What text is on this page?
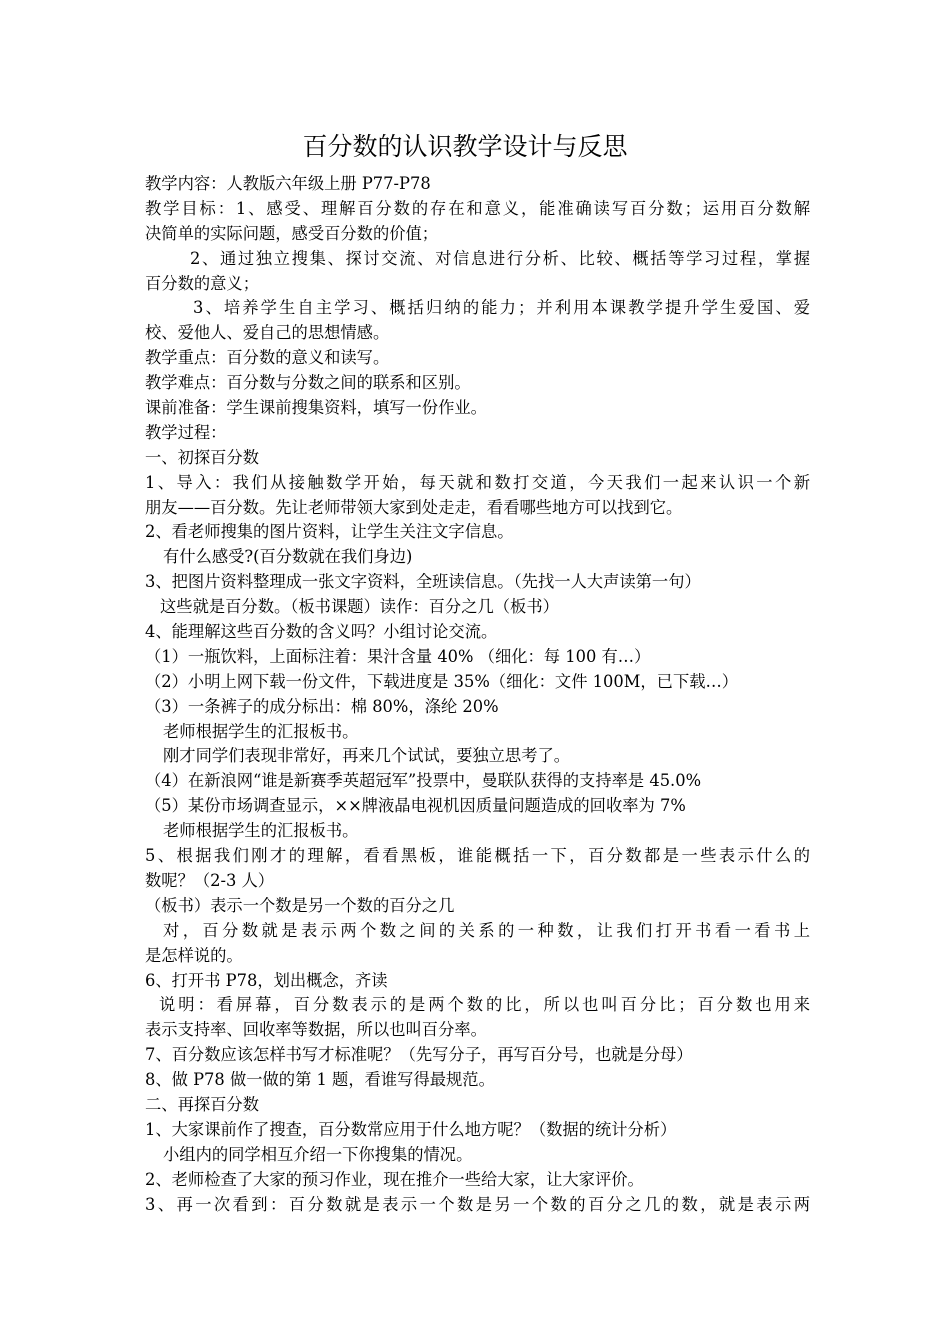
百分数的认识教学设计与反思
教学内容：人教版六年级上册 P77-P78
教学目标：1、感受、理解百分数的存在和意义，能准确读写百分数；运用百分数解
决简单的实际问题，感受百分数的价值；
2、通过独立搜集、探讨交流、对信息进行分析、比较、概括等学习过程，掌握
百分数的意义；
3、培养学生自主学习、概括归纳的能力；并利用本课教学提升学生爱国、爱
校、爱他人、爱自己的思想情感。
教学重点：百分数的意义和读写。
教学难点：百分数与分数之间的联系和区别。
课前准备：学生课前搜集资料，填写一份作业。
教学过程：
一、初探百分数
1、导入：我们从接触数学开始，每天就和数打交道，今天我们一起来认识一个新
朋友——百分数。先让老师带领大家到处走走，看看哪些地方可以找到它。
2、看老师搜集的图片资料，让学生关注文字信息。
有什么感受?(百分数就在我们身边)
3、把图片资料整理成一张文字资料，全班读信息。（先找一人大声读第一句）
这些就是百分数。（板书课题）读作：百分之几（板书）
4、能理解这些百分数的含义吗？小组讨论交流。
（1）一瓶饮料，上面标注着：果汁含量 40% （细化：每 100 有…）
（2）小明上网下载一份文件，下载进度是 35%（细化：文件 100M，已下载…）
（3）一条裤子的成分标出：棉 80%，涤纶 20%
老师根据学生的汇报板书。
刚才同学们表现非常好，再来几个试试，要独立思考了。
（4）在新浪网“谁是新赛季英超冠军”投票中，曼联队获得的支持率是 45.0%
（5）某份市场调查显示，××牌液晶电视机因质量问题造成的回收率为 7%
老师根据学生的汇报板书。
5、根据我们刚才的理解，看看黑板，谁能概括一下，百分数都是一些表示什么的
数呢？（2-3 人）
（板书）表示一个数是另一个数的百分之几
对，百分数就是表示两个数之间的关系的一种数，让我们打开书看一看书上
是怎样说的。
6、打开书 P78，划出概念，齐读
说明：看屏幕，百分数表示的是两个数的比，所以也叫百分比；百分数也用来
表示支持率、回收率等数据，所以也叫百分率。
7、百分数应该怎样书写才标准呢？（先写分子，再写百分号，也就是分母）
8、做 P78 做一做的第 1 题，看谁写得最规范。
二、再探百分数
1、大家课前作了搜查，百分数常应用于什么地方呢？（数据的统计分析）
小组内的同学相互介绍一下你搜集的情况。
2、老师检查了大家的预习作业，现在推介一些给大家，让大家评价。
3、再一次看到：百分数就是表示一个数是另一个数的百分之几的数，就是表示两
